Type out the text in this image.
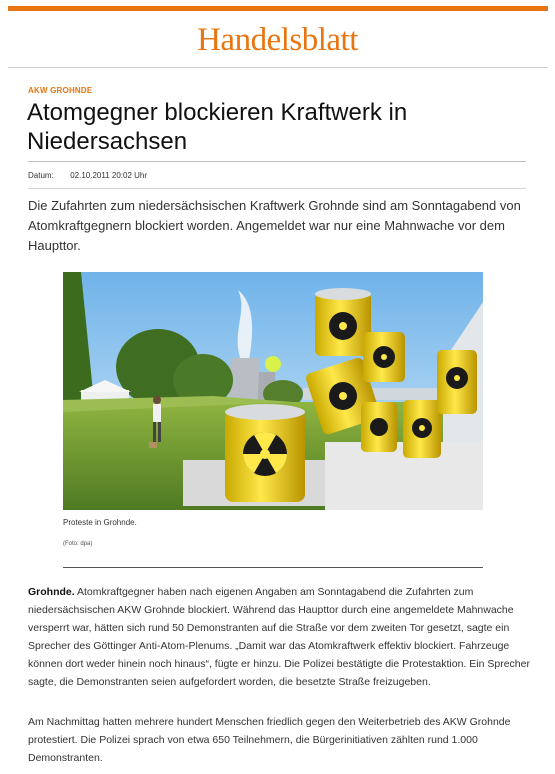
Handelsblatt
AKW GROHNDE
Atomgegner blockieren Kraftwerk in Niedersachsen
Datum: 02.10.2011 20:02 Uhr

Die Zufahrten zum niedersächsischen Kraftwerk Grohnde sind am Sonntagabend von Atomkraftgegnern blockiert worden. Angemeldet war nur eine Mahnwache vor dem Haupttor.

Proteste in Grohnde.
(Foto: dpa)

Grohnde. Atomkraftgegner haben nach eigenen Angaben am Sonntagabend die Zufahrten zum niedersächsischen AKW Grohnde blockiert. Während das Haupttor durch eine angemeldete Mahnwache versperrt war, hätten sich rund 50 Demonstranten auf die Straße vor dem zweiten Tor gesetzt, sagte ein Sprecher des Göttinger Anti-Atom-Plenums. „Damit war das Atomkraftwerk effektiv blockiert. Fahrzeuge können dort weder hinein noch hinaus“, fügte er hinzu. Die Polizei bestätigte die Protestaktion. Ein Sprecher sagte, die Demonstranten seien aufgefordert worden, die besetzte Straße freizugeben.

Am Nachmittag hatten mehrere hundert Menschen friedlich gegen den Weiterbetrieb des AKW Grohnde protestiert. Die Polizei sprach von etwa 650 Teilnehmern, die Bürgerinitiativen zählten rund 1.000 Demonstranten.
